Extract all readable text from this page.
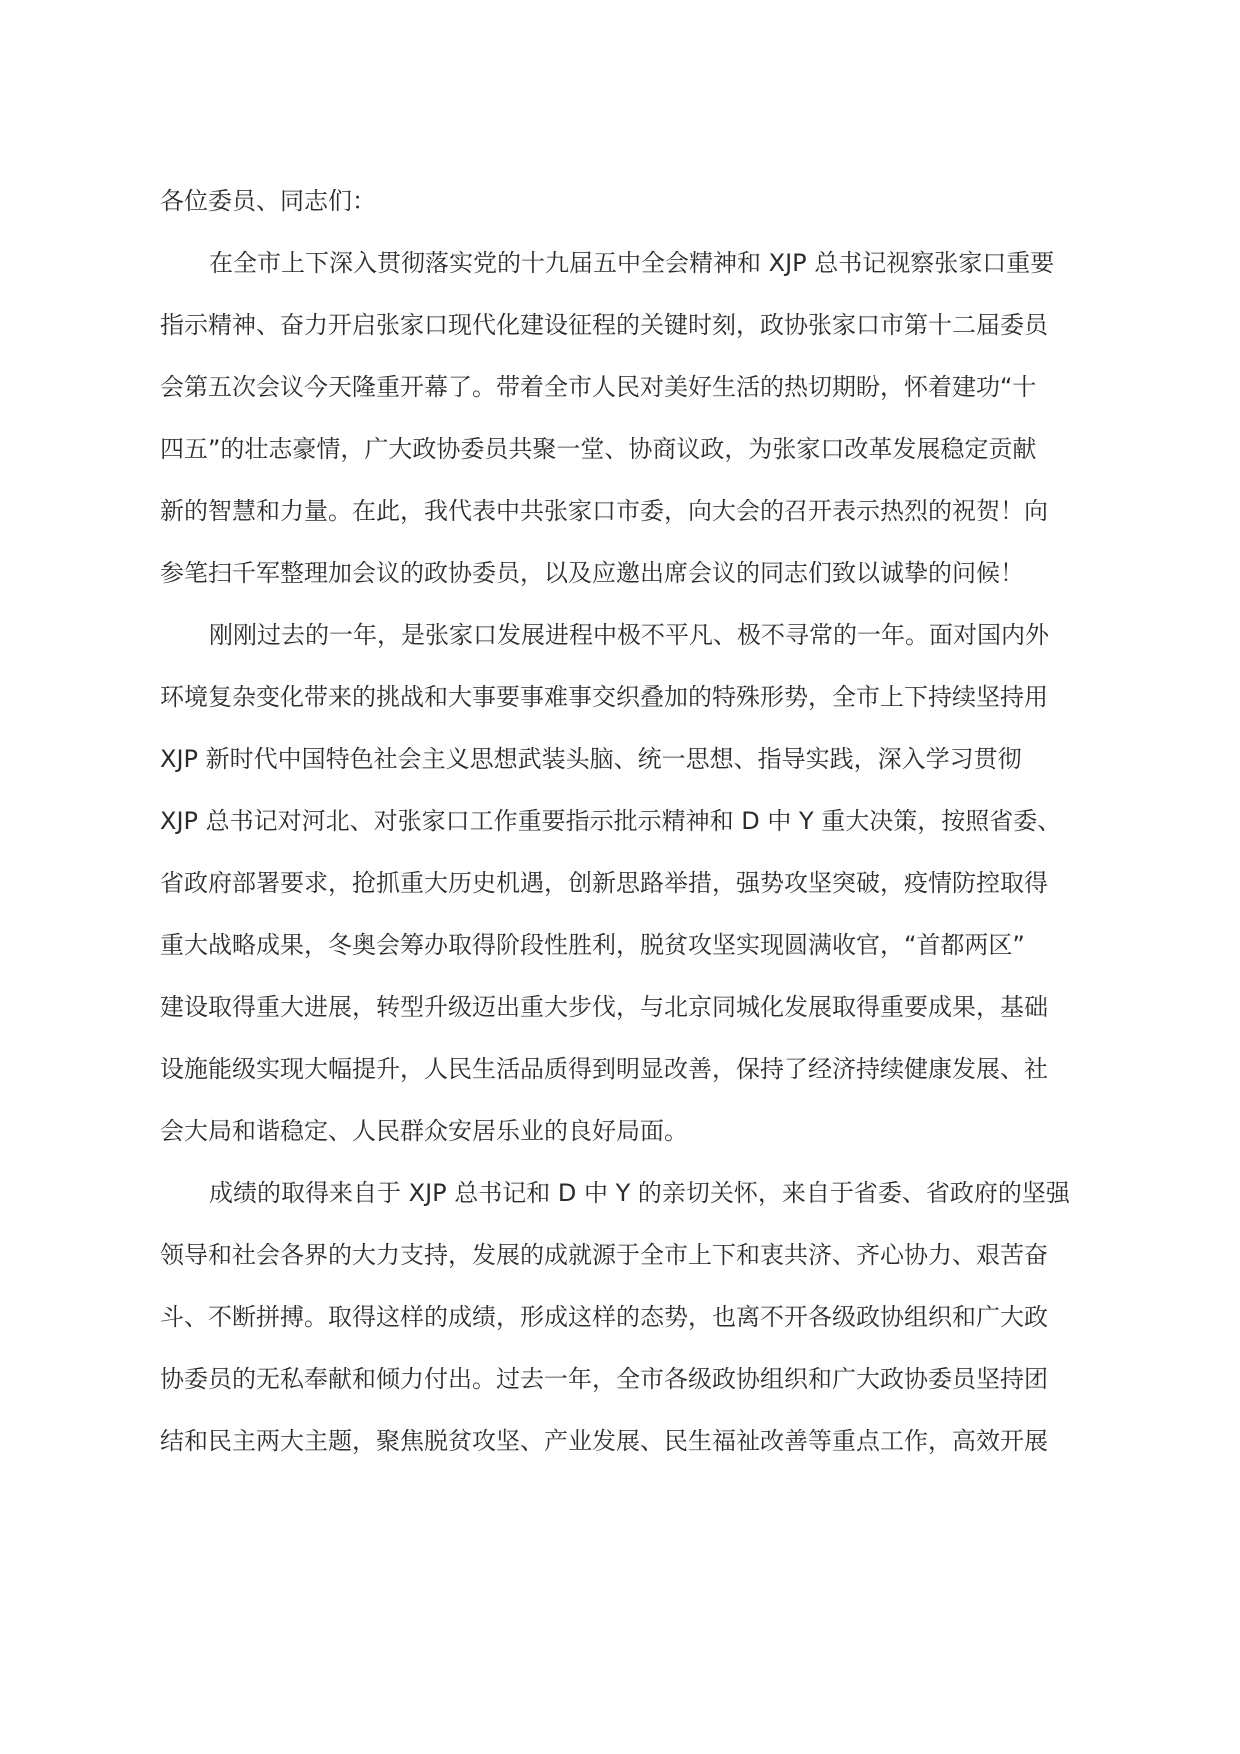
各位委员、同志们：
在全市上下深入贯彻落实党的十九届五中全会精神和 XJP 总书记视察张家口重要
指示精神、奋力开启张家口现代化建设征程的关键时刻，政协张家口市第十二届委员
会第五次会议今天隆重开幕了。带着全市人民对美好生活的热切期盼，怀着建功“十
四五”的壮志豪情，广大政协委员共聚一堂、协商议政，为张家口改革发展稳定贡献
新的智慧和力量。在此，我代表中共张家口市委，向大会的召开表示热烈的祝贺！向
参笔扫千军整理加会议的政协委员，以及应邀出席会议的同志们致以诚挚的问候！
刚刚过去的一年，是张家口发展进程中极不平凡、极不寻常的一年。面对国内外
环境复杂变化带来的挑战和大事要事难事交织叠加的特殊形势，全市上下持续坚持用
XJP 新时代中国特色社会主义思想武装头脑、统一思想、指导实践，深入学习贯彻
XJP 总书记对河北、对张家口工作重要指示批示精神和 D 中 Y 重大决策，按照省委、
省政府部署要求，抢抓重大历史机遇，创新思路举措，强势攻坚突破，疫情防控取得
重大战略成果，冬奥会筹办取得阶段性胜利，脱贫攻坚实现圆满收官，“首都两区”
建设取得重大进展，转型升级迈出重大步伐，与北京同城化发展取得重要成果，基础
设施能级实现大幅提升，人民生活品质得到明显改善，保持了经济持续健康发展、社
会大局和谐稳定、人民群众安居乐业的良好局面。
成绩的取得来自于 XJP 总书记和 D 中 Y 的亲切关怀，来自于省委、省政府的坚强
领导和社会各界的大力支持，发展的成就源于全市上下和衷共济、齐心协力、艰苦奋
斗、不断拼搏。取得这样的成绩，形成这样的态势，也离不开各级政协组织和广大政
协委员的无私奉献和倾力付出。过去一年，全市各级政协组织和广大政协委员坚持团
结和民主两大主题，聚焦脱贫攻坚、产业发展、民生福祉改善等重点工作，高效开展
